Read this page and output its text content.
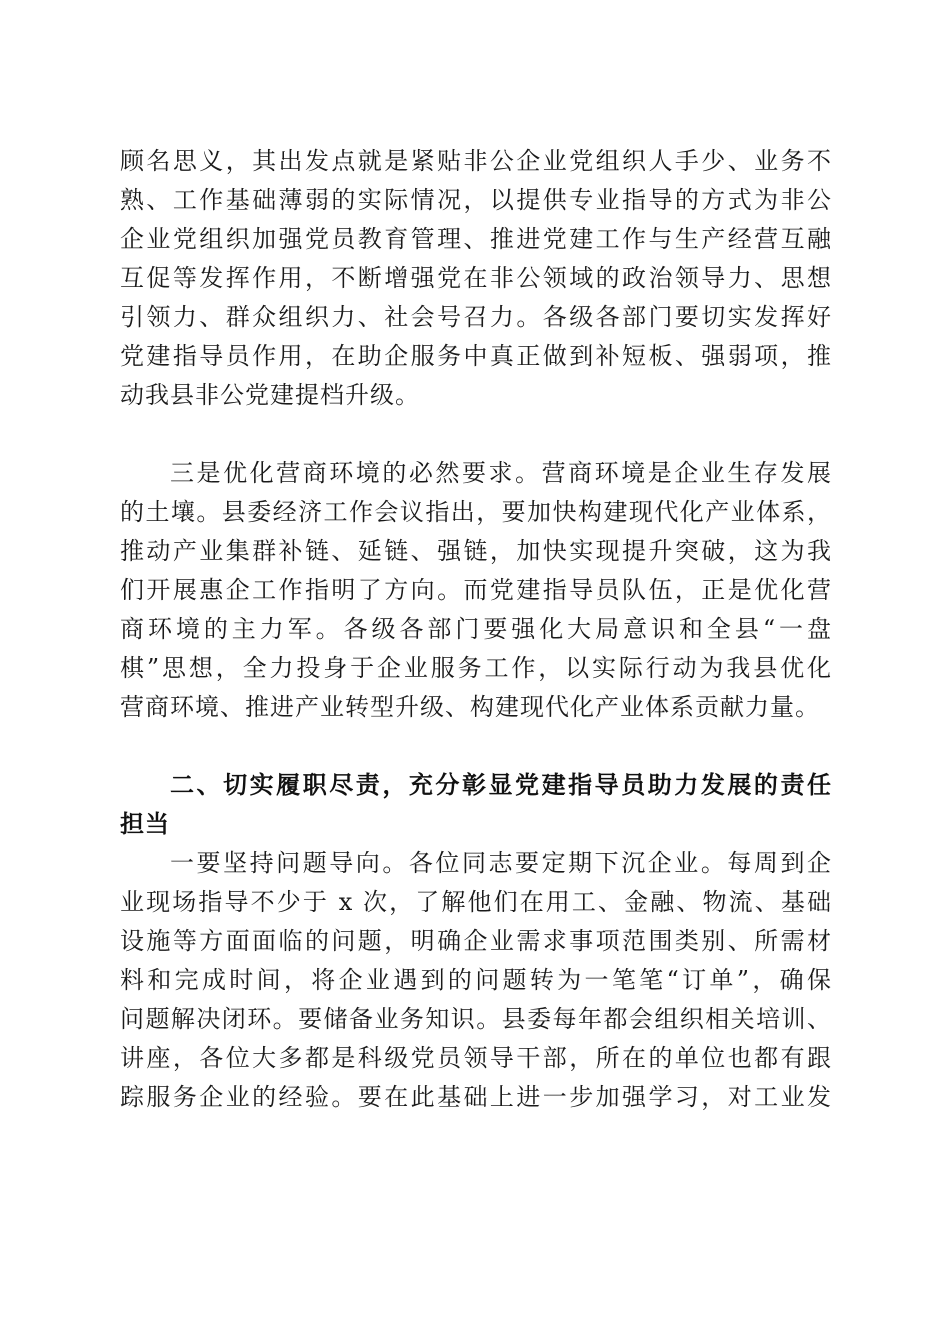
顾名思义，其出发点就是紧贴非公企业党组织人手少、业务不
熟、工作基础薄弱的实际情况，以提供专业指导的方式为非公
企业党组织加强党员教育管理、推进党建工作与生产经营互融
互促等发挥作用，不断增强党在非公领域的政治领导力、思想
引领力、群众组织力、社会号召力。各级各部门要切实发挥好
党建指导员作用，在助企服务中真正做到补短板、强弱项，推
动我县非公党建提档升级。
三是优化营商环境的必然要求。营商环境是企业生存发展
的土壤。县委经济工作会议指出，要加快构建现代化产业体系，
推动产业集群补链、延链、强链，加快实现提升突破，这为我
们开展惠企工作指明了方向。而党建指导员队伍，正是优化营
商环境的主力军。各级各部门要强化大局意识和全县“一盘
棋”思想，全力投身于企业服务工作，以实际行动为我县优化
营商环境、推进产业转型升级、构建现代化产业体系贡献力量。
二、切实履职尽责，充分彰显党建指导员助力发展的责任
担当
一要坚持问题导向。各位同志要定期下沉企业。每周到企
业现场指导不少于 x 次，了解他们在用工、金融、物流、基础
设施等方面面临的问题，明确企业需求事项范围类别、所需材
料和完成时间，将企业遇到的问题转为一笔笔“订单”，确保
问题解决闭环。要储备业务知识。县委每年都会组织相关培训、
讲座，各位大多都是科级党员领导干部，所在的单位也都有跟
踪服务企业的经验。要在此基础上进一步加强学习，对工业发
